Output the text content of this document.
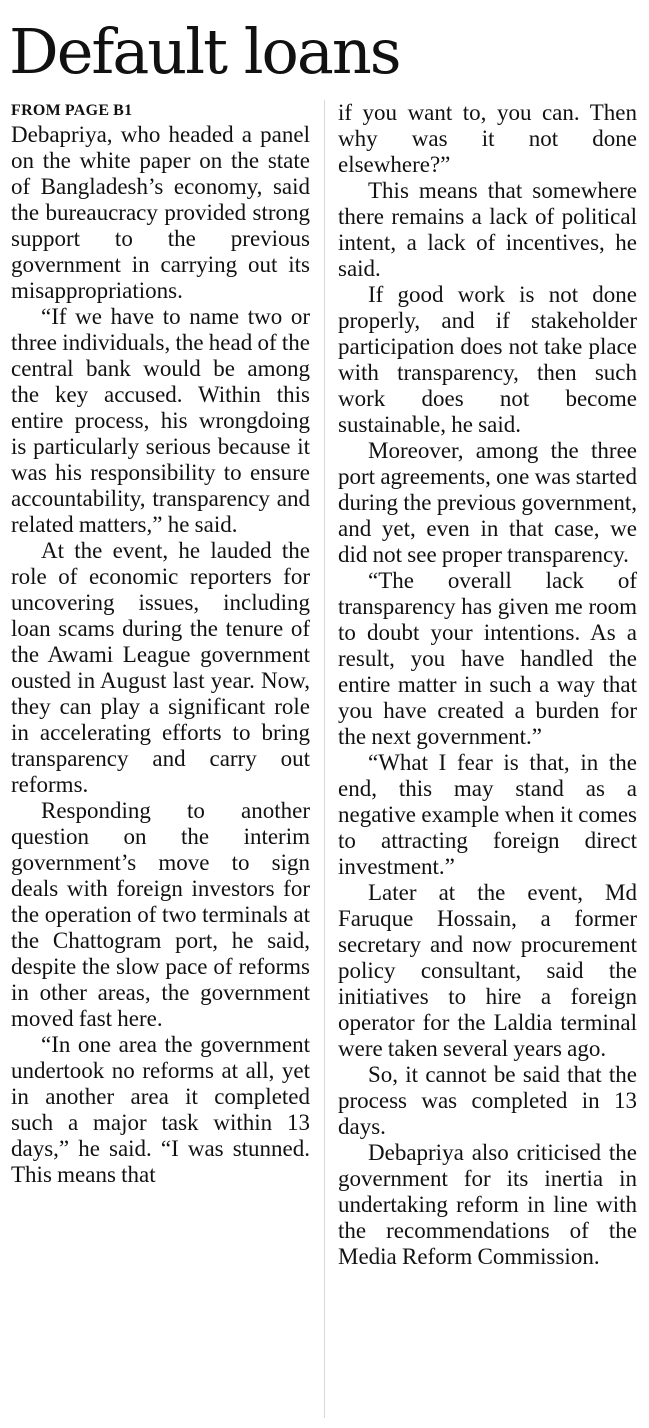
Default loans
FROM PAGE B1

Debapriya, who headed a panel on the white paper on the state of Bangladesh’s economy, said the bureaucracy provided strong support to the previous government in carrying out its misappropriations.

“If we have to name two or three individuals, the head of the central bank would be among the key accused. Within this entire process, his wrongdoing is particularly serious because it was his responsibility to ensure accountability, transparency and related matters,” he said.

At the event, he lauded the role of economic reporters for uncovering issues, including loan scams during the tenure of the Awami League government ousted in August last year. Now, they can play a significant role in accelerating efforts to bring transparency and carry out reforms.

Responding to another question on the interim government’s move to sign deals with foreign investors for the operation of two terminals at the Chattogram port, he said, despite the slow pace of reforms in other areas, the government moved fast here.

“In one area the government undertook no reforms at all, yet in another area it completed such a major task within 13 days,” he said. “I was stunned. This means that

if you want to, you can. Then why was it not done elsewhere?”

This means that somewhere there remains a lack of political intent, a lack of incentives, he said.

If good work is not done properly, and if stakeholder participation does not take place with transparency, then such work does not become sustainable, he said.

Moreover, among the three port agreements, one was started during the previous government, and yet, even in that case, we did not see proper transparency.

“The overall lack of transparency has given me room to doubt your intentions. As a result, you have handled the entire matter in such a way that you have created a burden for the next government.”

“What I fear is that, in the end, this may stand as a negative example when it comes to attracting foreign direct investment.”

Later at the event, Md Faruque Hossain, a former secretary and now procurement policy consultant, said the initiatives to hire a foreign operator for the Laldia terminal were taken several years ago.

So, it cannot be said that the process was completed in 13 days.

Debapriya also criticised the government for its inertia in undertaking reform in line with the recommendations of the Media Reform Commission.
